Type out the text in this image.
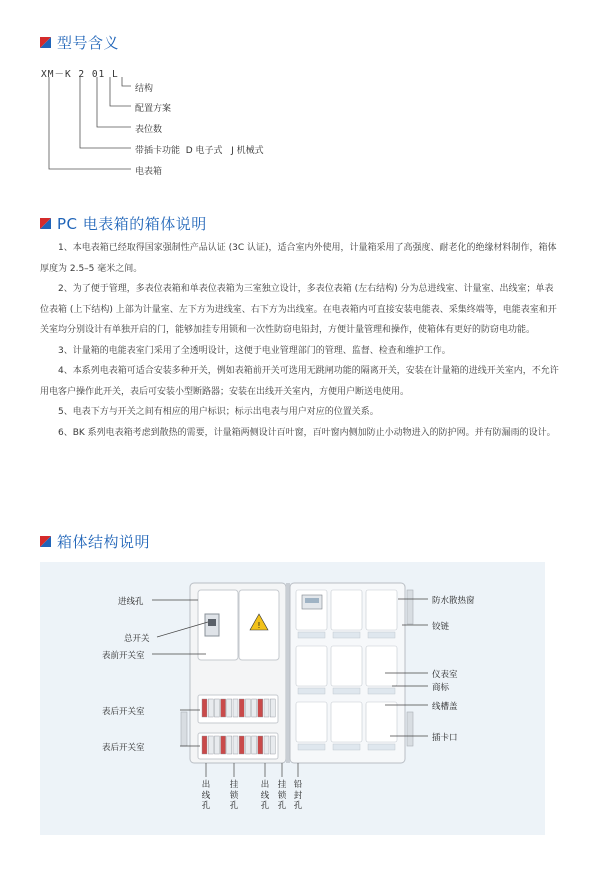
型号含义
XM－K 2 01 L
结构
配置方案
表位数
带插卡功能  D 电子式   J 机械式
电表箱
PC 电表箱的箱体说明

1、本电表箱已经取得国家强制性产品认证 (3C 认证)，适合室内外使用，计量箱采用了高强度、耐老化的绝缘材料制作，箱体厚度为 2.5–5 毫米之间。

2、为了便于管理，多表位表箱和单表位表箱为三室独立设计，多表位表箱 (左右结构) 分为总进线室、计量室、出线室；单表位表箱 (上下结构) 上部为计量室、左下方为进线室、右下方为出线室。在电表箱内可直接安装电能表、采集终端等，电能表室和开关室均分别设计有单独开启的门，能够加挂专用锁和一次性防窃电铅封，方便计量管理和操作，使箱体有更好的防窃电功能。

3、计量箱的电能表室门采用了全透明设计，这便于电业管理部门的管理、监督、检查和维护工作。

4、本系列电表箱可适合安装多种开关，例如表箱前开关可选用无跳闸功能的隔离开关，安装在计量箱的进线开关室内，不允许用电客户操作此开关，表后可安装小型断路器；安装在出线开关室内，方便用户断送电使用。

5、电表下方与开关之间有相应的用户标识；标示出电表与用户对应的位置关系。

6、BK 系列电表箱考虑到散热的需要，计量箱两侧设计百叶窗，百叶窗内侧加防止小动物进入的防护网。并有防漏雨的设计。

箱体结构说明
!
进线孔
总开关
表前开关室
表后开关室
表后开关室
防水散热窗
铰链
仪表室
商标
线槽盖
插卡口
出线孔
挂锁孔
出线孔
挂锁孔
铅封孔
